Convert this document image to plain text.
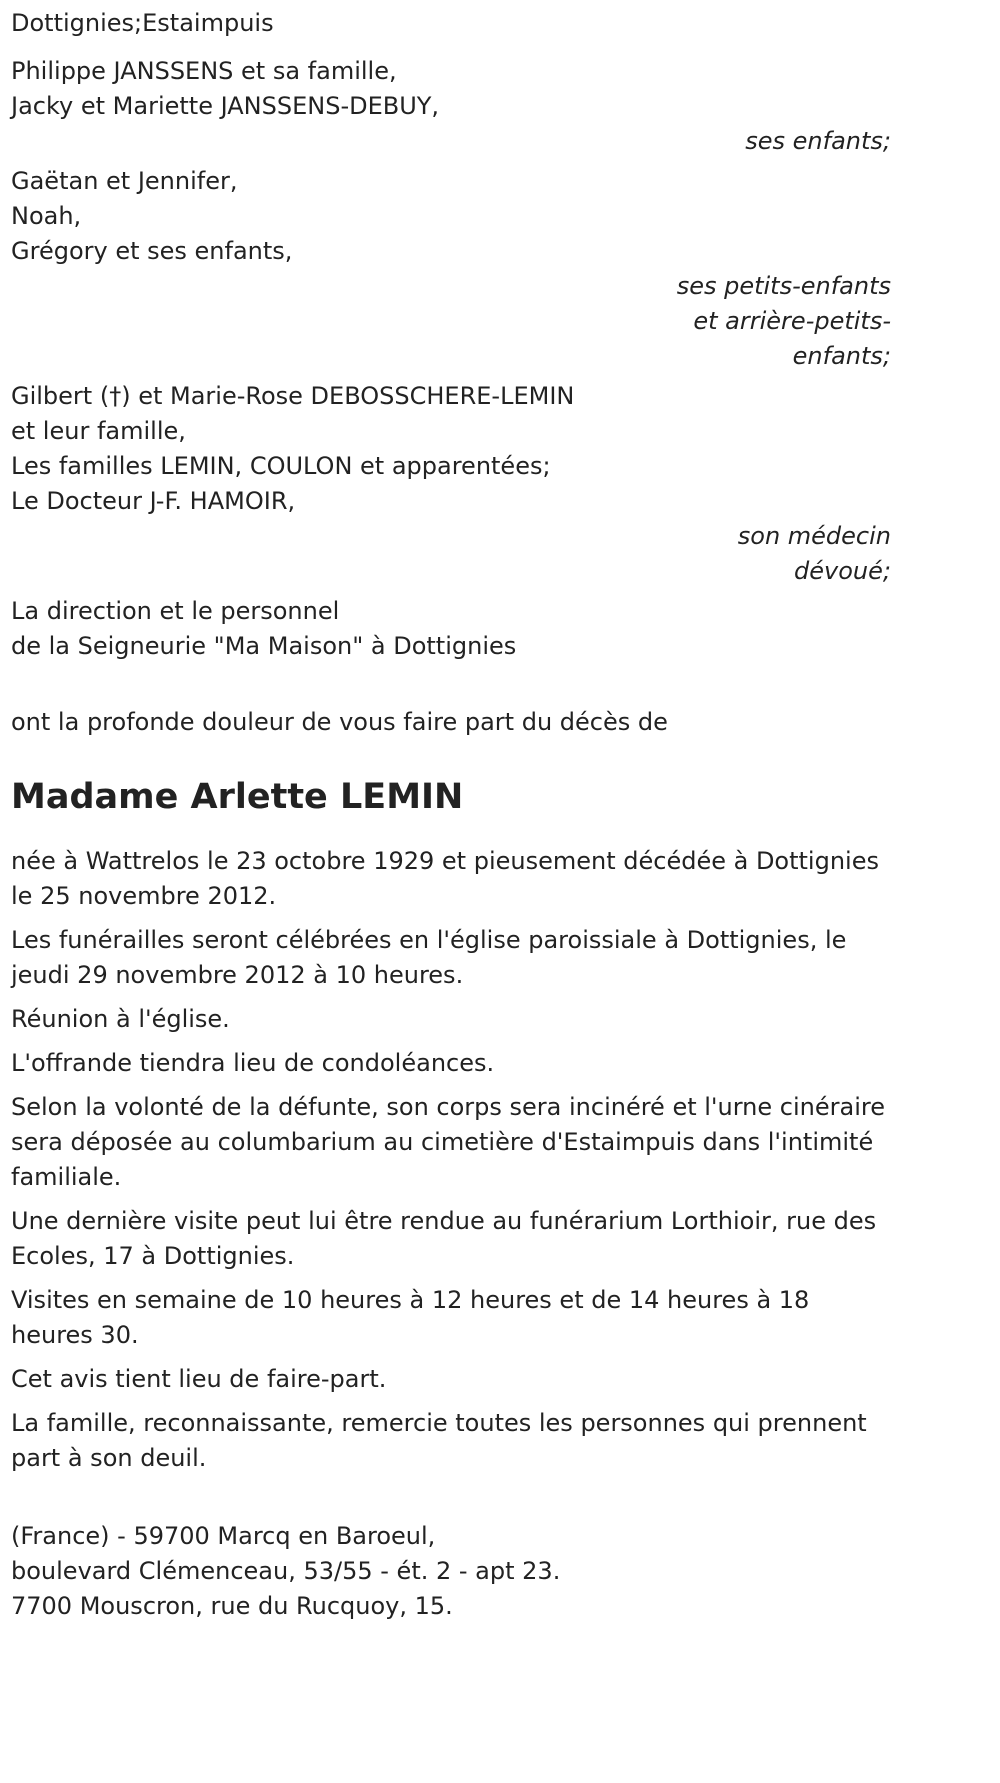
Dottignies;Estaimpuis
Philippe JANSSENS et sa famille,
Jacky et Mariette JANSSENS-DEBUY,
ses enfants;
Gaëtan et Jennifer,
Noah,
Grégory et ses enfants,
ses petits-enfants
et arrière-petits-
enfants;
Gilbert (†) et Marie-Rose DEBOSSCHERE-LEMIN
et leur famille,
Les familles LEMIN, COULON et apparentées;
Le Docteur J-F. HAMOIR,
son médecin
dévoué;
La direction et le personnel
de la Seigneurie "Ma Maison" à Dottignies
ont la profonde douleur de vous faire part du décès de
Madame Arlette LEMIN
née à Wattrelos le 23 octobre 1929 et pieusement décédée à Dottignies le 25 novembre 2012.
Les funérailles seront célébrées en l'église paroissiale à Dottignies, le jeudi 29 novembre 2012 à 10 heures.
Réunion à l'église.
L'offrande tiendra lieu de condoléances.
Selon la volonté de la défunte, son corps sera inciné​ré et l'urne cinéraire sera déposée au columbarium au cimetière d'Estaimpuis dans l'intimité familiale.
Une dernière visite peut lui être rendue au funérarium Lorthioir, rue des Ecoles, 17 à Dottignies.
Visites en semaine de 10 heures à 12 heures et de 14 heures à 18 heures 30.
Cet avis tient lieu de faire-part.
La famille, reconnaissante, remercie toutes les personnes qui prennent part à son deuil.
(France) - 59700 Marcq en Baroeul,
boulevard Clémenceau, 53/55 - ét. 2 - apt 23.
7700 Mouscron, rue du Rucquoy, 15.
